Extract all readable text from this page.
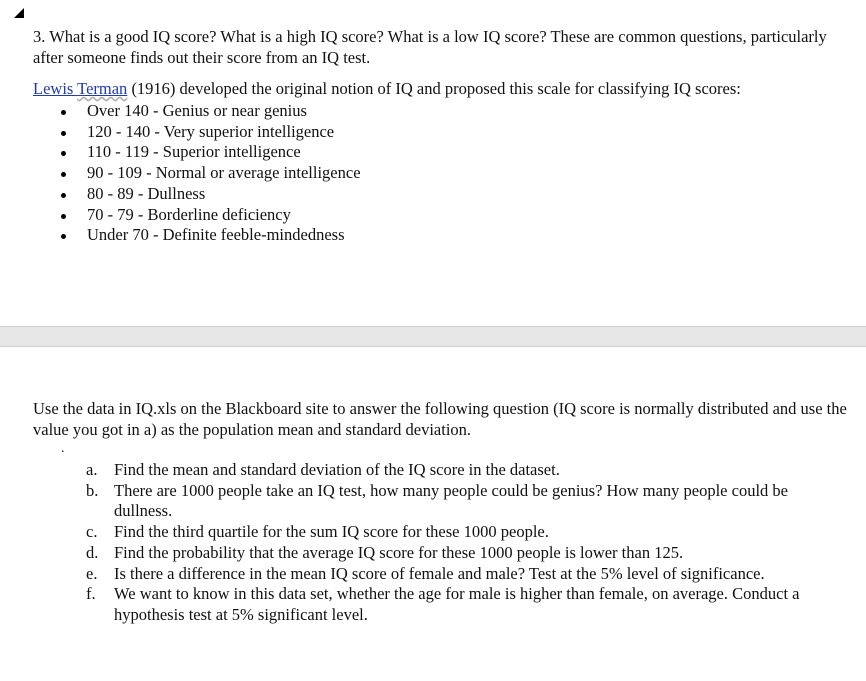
3. What is a good IQ score? What is a high IQ score? What is a low IQ score? These are common questions, particularly after someone finds out their score from an IQ test.

Lewis Terman (1916) developed the original notion of IQ and proposed this scale for classifying IQ scores:

Over 140 - Genius or near genius
120 - 140 - Very superior intelligence
110 - 119 - Superior intelligence
90 - 109 - Normal or average intelligence
80 - 89 - Dullness
70 - 79 - Borderline deficiency
Under 70 - Definite feeble-mindedness

Use the data in IQ.xls on the Blackboard site to answer the following question (IQ score is normally distributed and use the value you got in a) as the population mean and standard deviation.

.
a. Find the mean and standard deviation of the IQ score in the dataset.
b. There are 1000 people take an IQ test, how many people could be genius? How many people could be dullness.
c. Find the third quartile for the sum IQ score for these 1000 people.
d. Find the probability that the average IQ score for these 1000 people is lower than 125.
e. Is there a difference in the mean IQ score of female and male? Test at the 5% level of significance.
f. We want to know in this data set, whether the age for male is higher than female, on average. Conduct a hypothesis test at 5% significant level.
